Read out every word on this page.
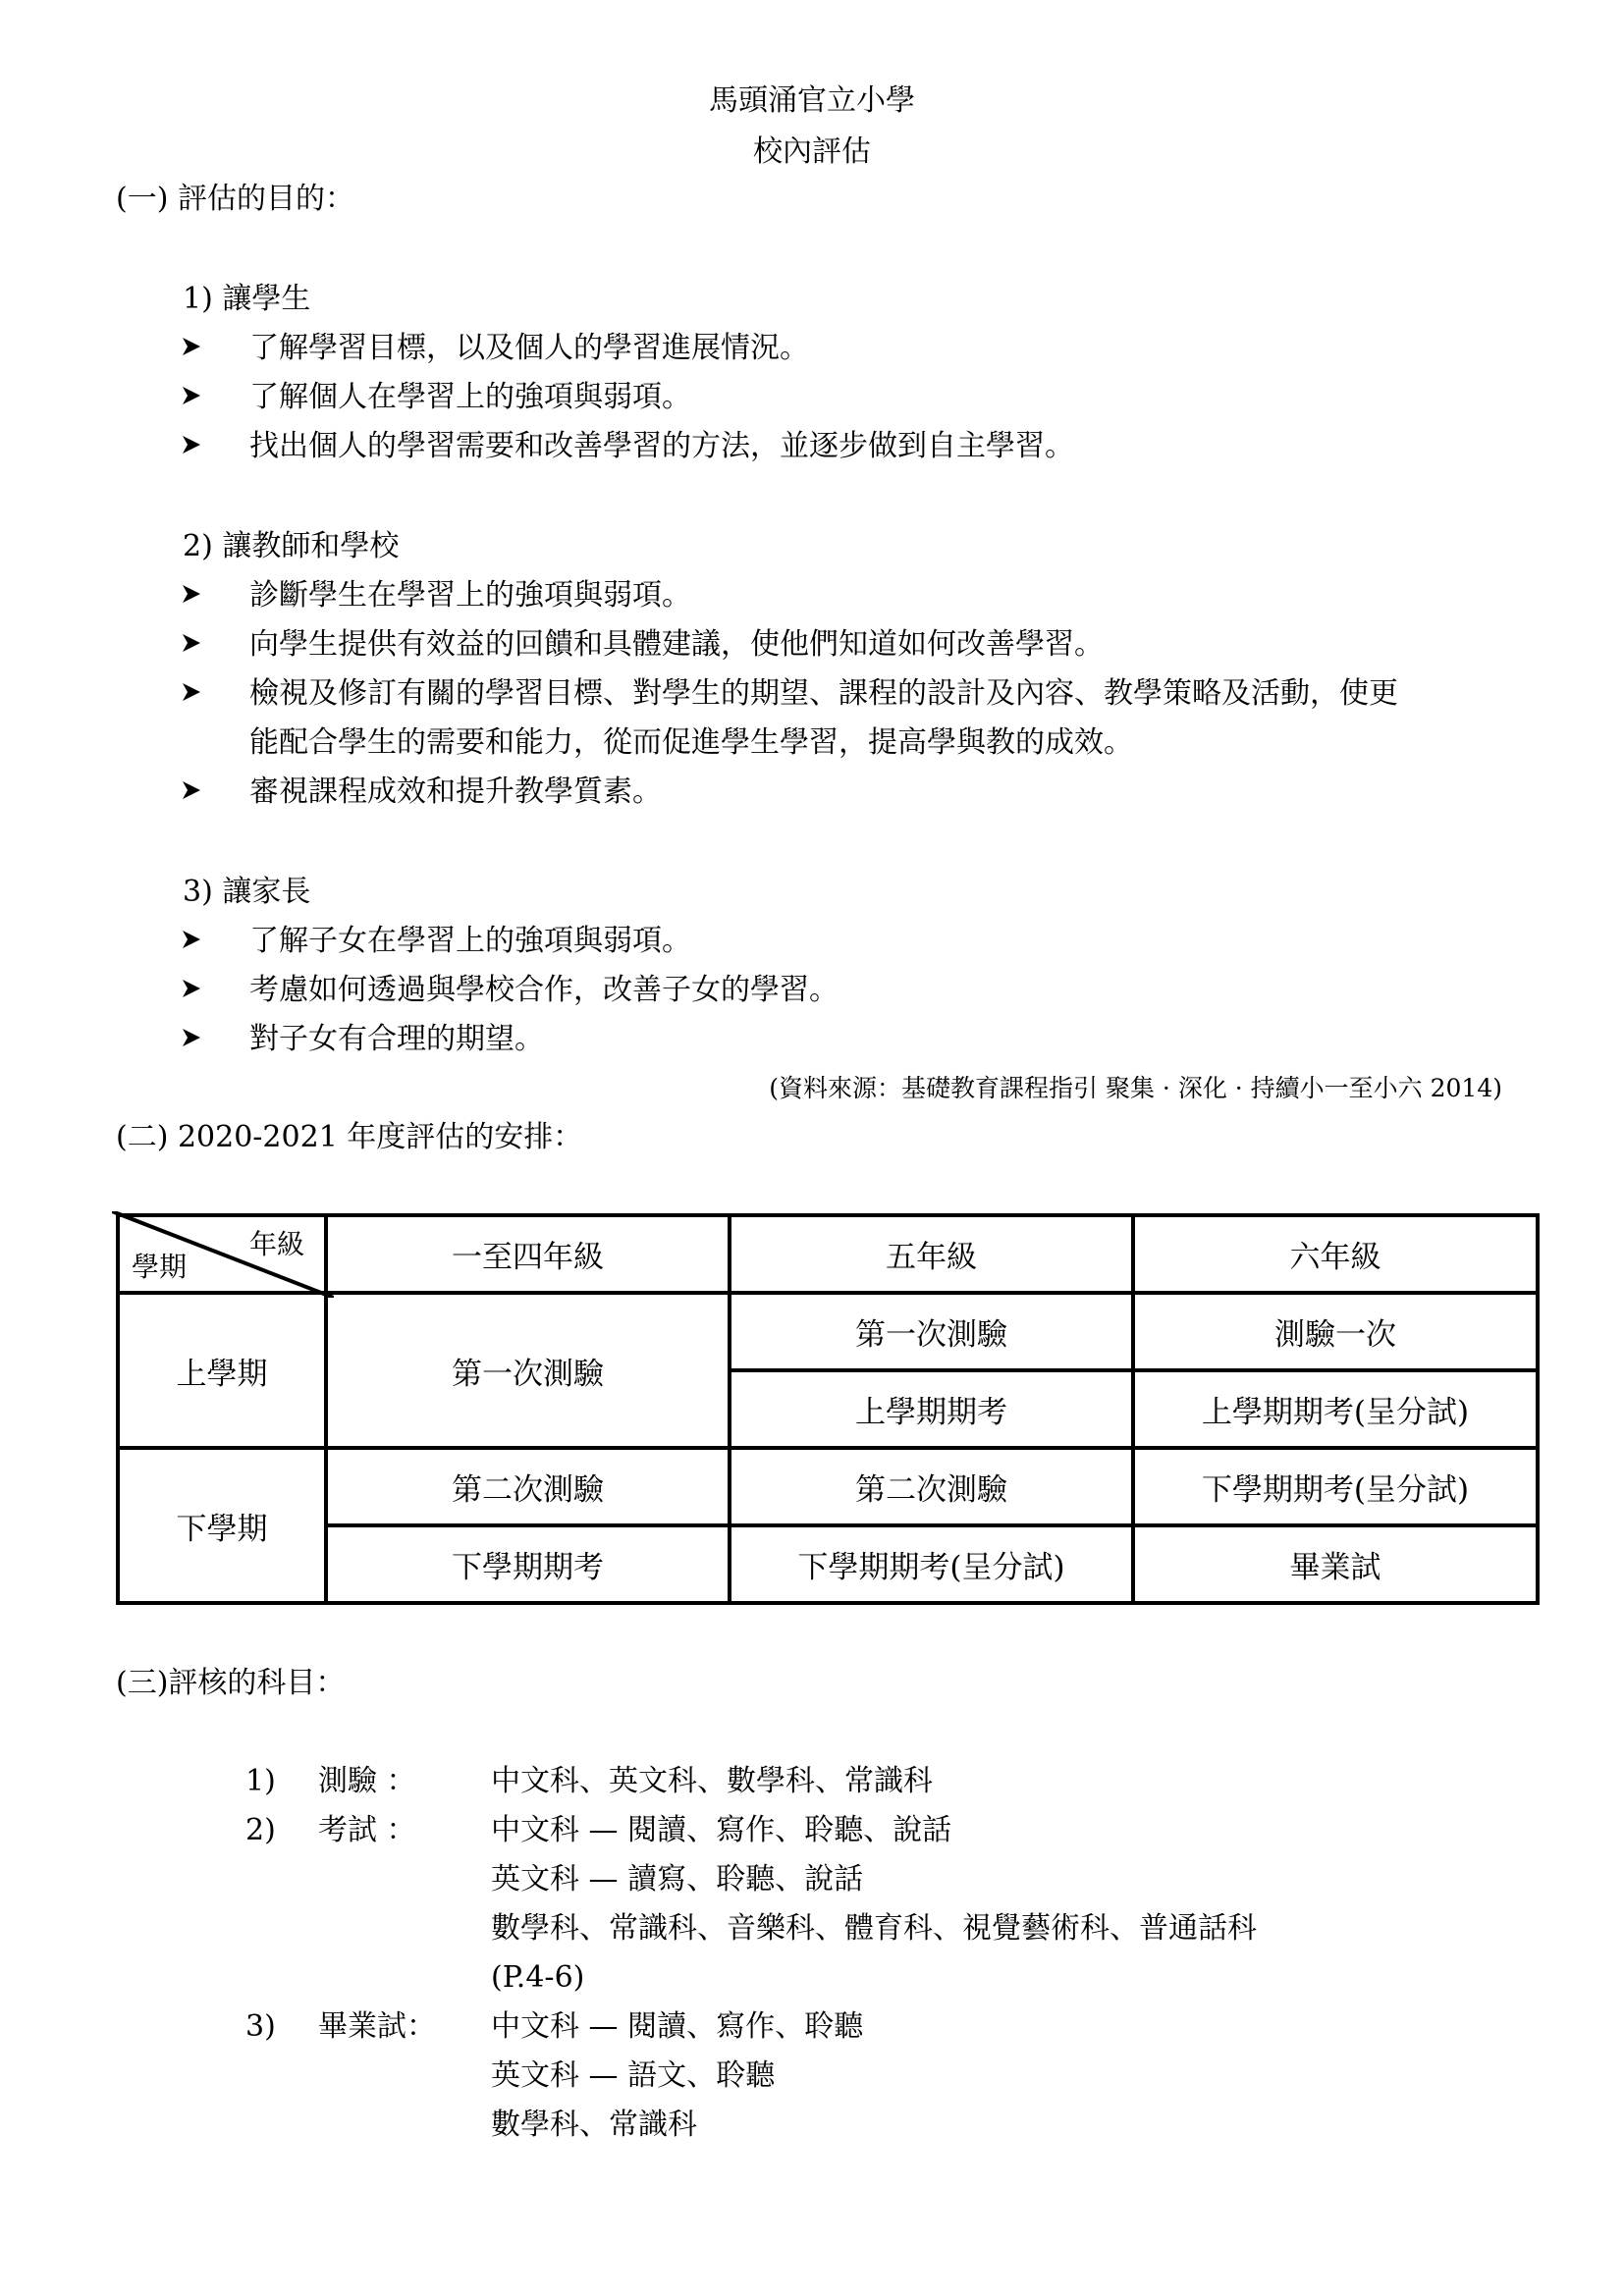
馬頭涌官立小學
校內評估
(一) 評估的目的：
1) 讓學生
了解學習目標，以及個人的學習進展情況。
了解個人在學習上的強項與弱項。
找出個人的學習需要和改善學習的方法，並逐步做到自主學習。
2) 讓教師和學校
診斷學生在學習上的強項與弱項。
向學生提供有效益的回饋和具體建議，使他們知道如何改善學習。
檢視及修訂有關的學習目標、對學生的期望、課程的設計及內容、教學策略及活動，使更
能配合學生的需要和能力，從而促進學生學習，提高學與教的成效。
審視課程成效和提升教學質素。
3) 讓家長
了解子女在學習上的強項與弱項。
考慮如何透過與學校合作，改善子女的學習。
對子女有合理的期望。
(資料來源：基礎教育課程指引 聚集 · 深化 · 持續小一至小六 2014)
(二) 2020-2021 年度評估的安排：
年級
學期	一至四年級	五年級	六年級
上學期	第一次測驗	第一次測驗	測驗一次
		上學期期考	上學期期考(呈分試)
下學期	第二次測驗	第二次測驗	下學期期考(呈分試)
	下學期期考	下學期期考(呈分試)	畢業試
(三)評核的科目：
1) 測驗 ：	中文科、英文科、數學科、常識科
2) 考試 ：	中文科 — 閱讀、寫作、聆聽、說話
英文科 — 讀寫、聆聽、說話
數學科、常識科、音樂科、體育科、視覺藝術科、普通話科
(P.4-6)
3) 畢業試： 中文科 — 閱讀、寫作、聆聽
英文科 — 語文、聆聽
數學科、常識科
